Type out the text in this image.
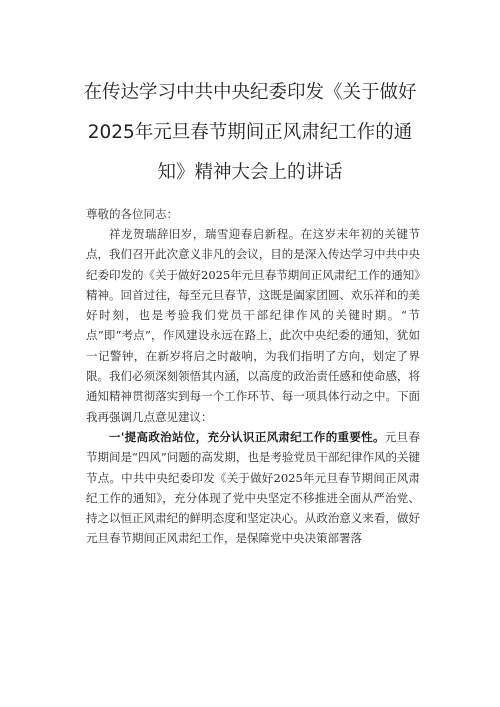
在传达学习中共中央纪委印发《关于做好
2025年元旦春节期间正风肃纪工作的通
知》精神大会上的讲话
尊敬的各位同志：

祥龙贺瑞辞旧岁，瑞雪迎春启新程。在这岁末年初的关键节点，我们召开此次意义非凡的会议，目的是深入传达学习中共中央纪委印发的《关于做好2025年元旦春节期间正风肃纪工作的通知》精神。回首过往，每至元旦春节，这既是阖家团圆、欢乐祥和的美好时刻，也是考验我们党员干部纪律作风的关键时期。“节点”即“考点”，作风建设永远在路上，此次中央纪委的通知，犹如一记警钟，在新岁将启之时敲响，为我们指明了方向，划定了界限。我们必须深刻领悟其内涵，以高度的政治责任感和使命感，将通知精神贯彻落实到每一个工作环节、每一项具体行动之中。下面我再强调几点意见建议：

一'提高政治站位，充分认识正风肃纪工作的重要性。元旦春节期间是“四风”问题的高发期，也是考验党员干部纪律作风的关键节点。中共中央纪委印发《关于做好2025年元旦春节期间正风肃纪工作的通知》，充分体现了党中央坚定不移推进全面从严治党、持之以恒正风肃纪的鲜明态度和坚定决心。从政治意义来看，做好元旦春节期间正风肃纪工作，是保障党中央决策部署落
